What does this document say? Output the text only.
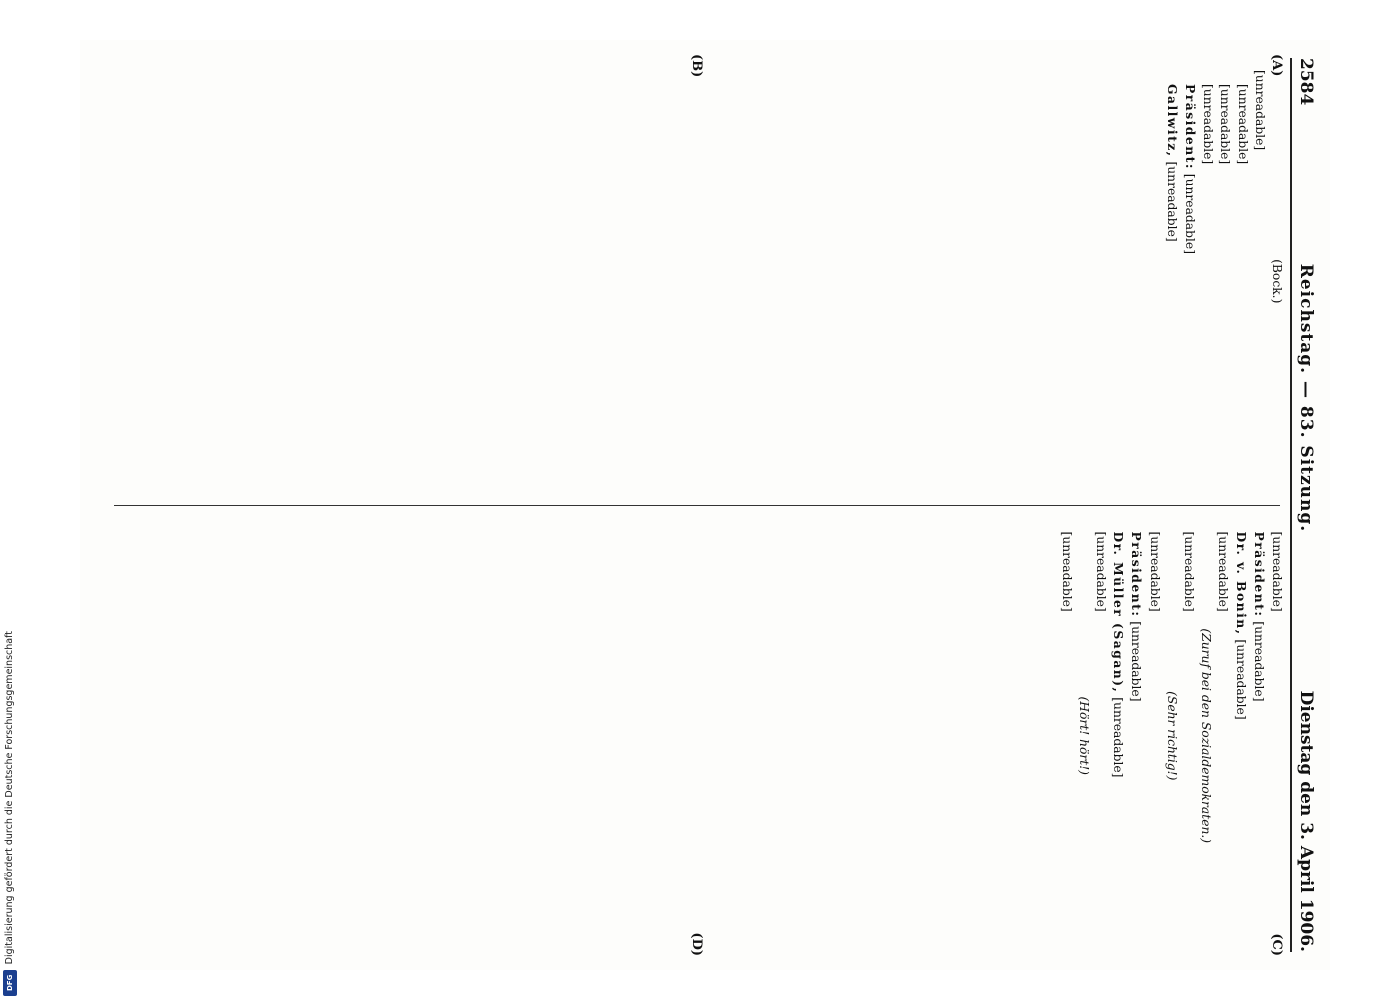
2584
Reichstag. — 83. Sitzung.
Dienstag den 3. April 1906.
(A)
(B)
(C)
(D)

(Bock.)

[unreadable]

[unreadable]

[unreadable]

[unreadable]

Präsident: [unreadable]

Gallwitz, [unreadable]

[unreadable]

Präsident: [unreadable]

Dr. v. Bonin, [unreadable]

[unreadable]

(Zuruf bei den Sozialdemokraten.)

[unreadable]

(Sehr richtig!)

[unreadable]

Präsident: [unreadable]

Dr. Müller (Sagan), [unreadable]

[unreadable]

(Hört! hört!)

[unreadable]

Digitalisierung gefördert durch die Deutsche Forschungsgemeinschaft
DFG
